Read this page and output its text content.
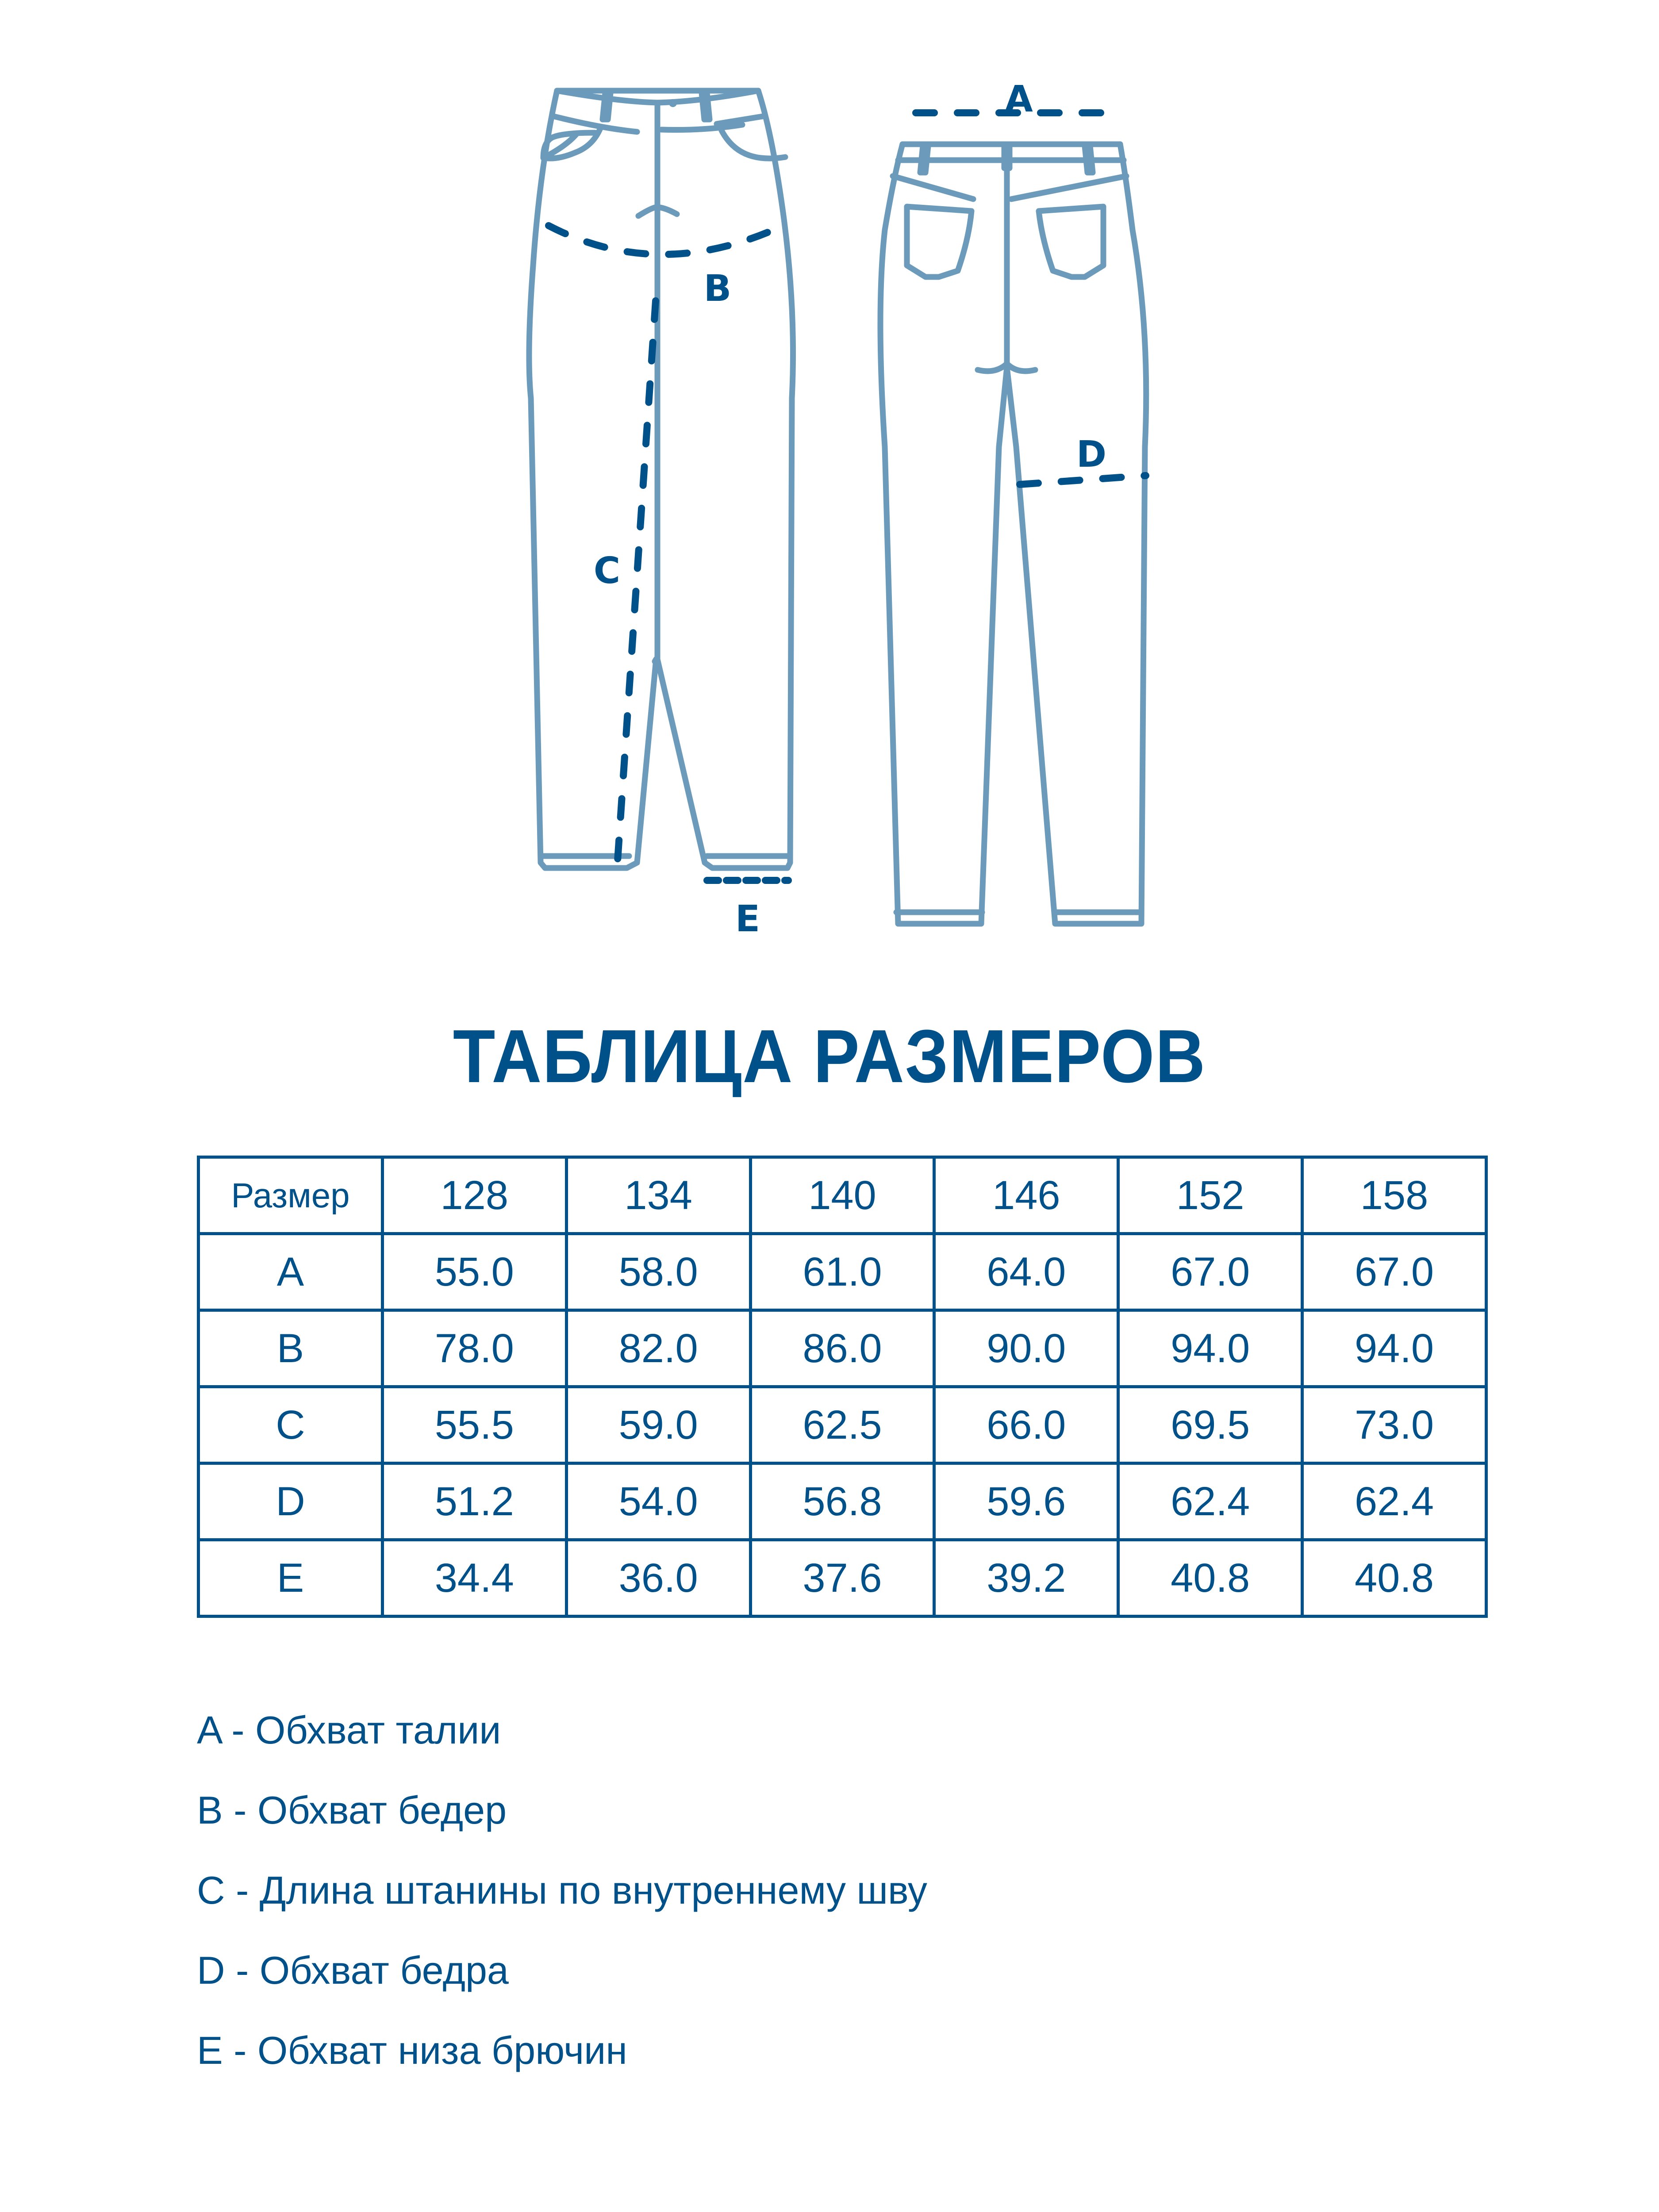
A
B
C
D
E
ТАБЛИЦА РАЗМЕРОВ
Размер	128	134	140	146	152	158
A	55.0	58.0	61.0	64.0	67.0	67.0
B	78.0	82.0	86.0	90.0	94.0	94.0
C	55.5	59.0	62.5	66.0	69.5	73.0
D	51.2	54.0	56.8	59.6	62.4	62.4
E	34.4	36.0	37.6	39.2	40.8	40.8
A - Обхват талии
B - Обхват бедер
C - Длина штанины по внутреннему шву
D - Обхват бедра
E - Обхват низа брючин
